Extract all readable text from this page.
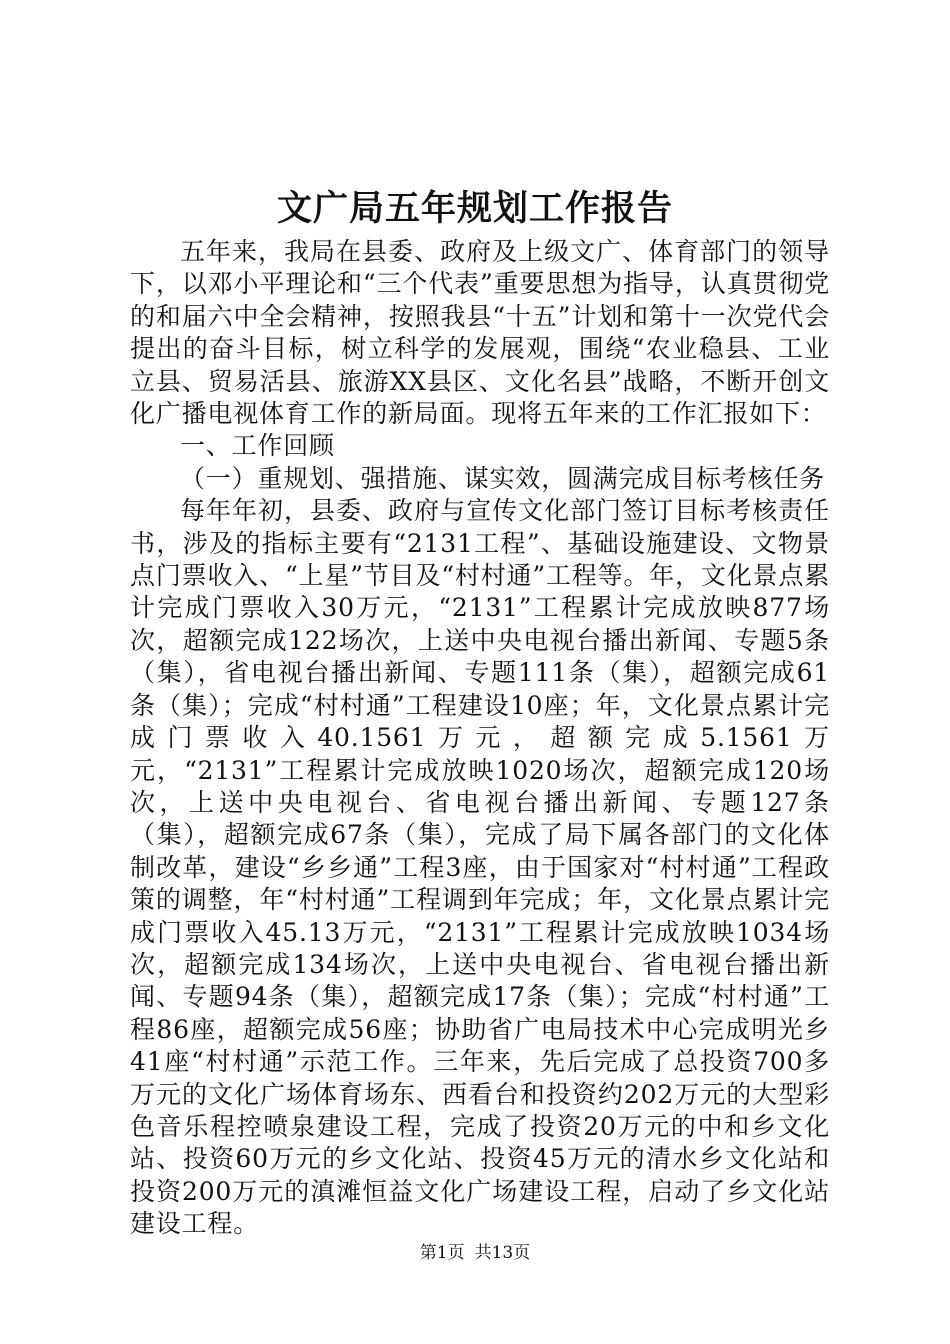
文广局五年规划工作报告

五年来，我局在县委、政府及上级文广、体育部门的领导下，以邓小平理论和“三个代表”重要思想为指导，认真贯彻党的和届六中全会精神，按照我县“十五”计划和第十一次党代会提出的奋斗目标，树立科学的发展观，围绕“农业稳县、工业立县、贸易活县、旅游XX县区、文化名县”战略，不断开创文化广播电视体育工作的新局面。现将五年来的工作汇报如下：

一、工作回顾

（一）重规划、强措施、谋实效，圆满完成目标考核任务

每年年初，县委、政府与宣传文化部门签订目标考核责任书，涉及的指标主要有“2131工程”、基础设施建设、文物景点门票收入、“上星”节目及“村村通”工程等。年，文化景点累计完成门票收入30万元，“2131”工程累计完成放映877场次，超额完成122场次，上送中央电视台播出新闻、专题5条（集），省电视台播出新闻、专题111条（集），超额完成61条（集）；完成“村村通”工程建设10座；年，文化景点累计完成门票收入40.1561万元，超额完成5.1561万元，“2131”工程累计完成放映1020场次，超额完成120场次，上送中央电视台、省电视台播出新闻、专题127条（集），超额完成67条（集），完成了局下属各部门的文化体制改革，建设“乡乡通”工程3座，由于国家对“村村通”工程政策的调整，年“村村通”工程调到年完成；年，文化景点累计完成门票收入45.13万元，“2131”工程累计完成放映1034场次，超额完成134场次，上送中央电视台、省电视台播出新闻、专题94条（集），超额完成17条（集）；完成“村村通”工程86座，超额完成56座；协助省广电局技术中心完成明光乡41座“村村通”示范工作。三年来，先后完成了总投资700多万元的文化广场体育场东、西看台和投资约202万元的大型彩色音乐程控喷泉建设工程，完成了投资20万元的中和乡文化站、投资60万元的乡文化站、投资45万元的清水乡文化站和投资200万元的滇滩恒益文化广场建设工程，启动了乡文化站建设工程。

第1页 共13页
